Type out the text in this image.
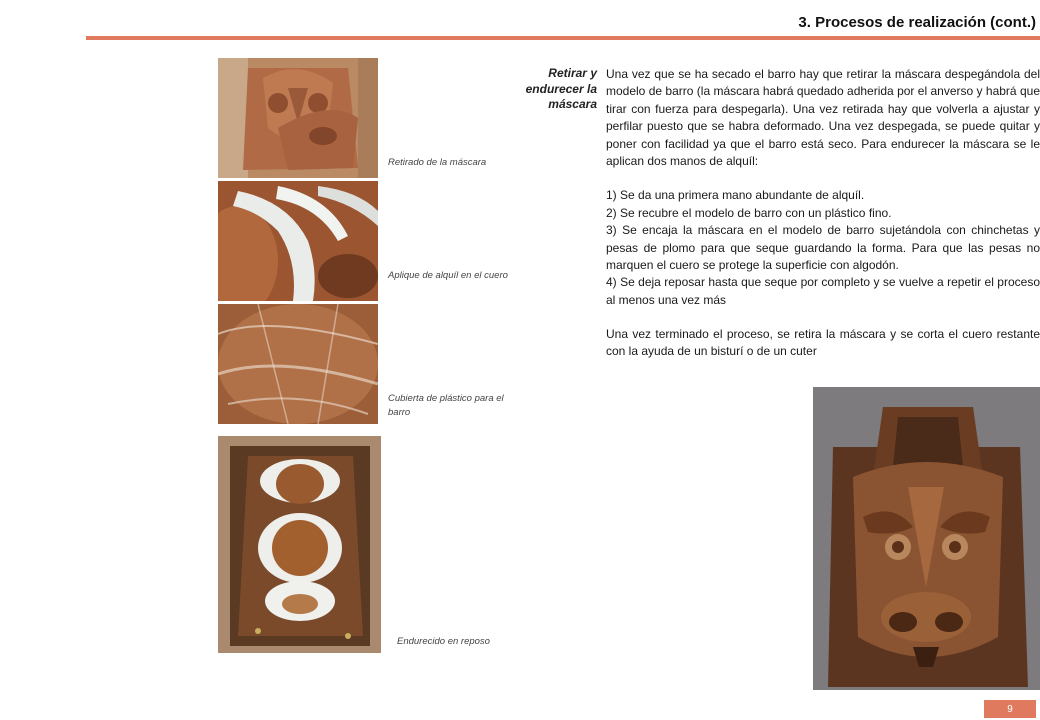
3. Procesos de realización (cont.)
Retirado de la máscara
Aplique de alquíl en el cuero
Cubierta de plástico para el barro
Endurecido en reposo
Retirar y endurecer la máscara

Una vez que se ha secado el barro hay que retirar la máscara despegándola del modelo de barro (la máscara habrá quedado adherida por el anverso y habrá que tirar con fuerza para despegarla). Una vez retirada hay que volverla a ajustar y perfilar puesto que se habra deformado. Una vez despegada, se puede quitar y poner con facilidad ya que el barro está seco. Para endurecer la máscara se le aplican dos manos de alquíl:

1) Se da una primera mano abundante de alquíl.

2) Se recubre el modelo de barro con un plástico fino.

3) Se encaja la máscara en el modelo de barro sujetándola con chinchetas y pesas de plomo para que seque guardando la forma. Para que las pesas no marquen el cuero se protege la superficie con algodón.

4) Se deja reposar hasta que seque por completo y se vuelve a repetir el proceso al menos una vez más

Una vez terminado el proceso, se retira la máscara y se corta el cuero restante con la ayuda de un bisturí o de un cuter

9
